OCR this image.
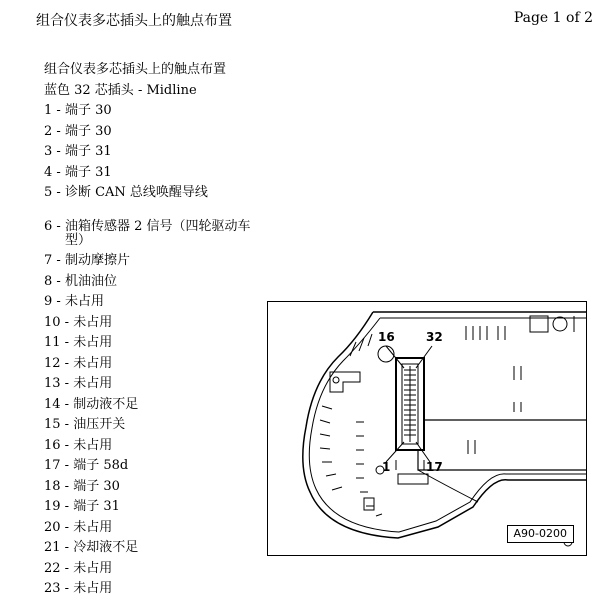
组合仪表多芯插头上的触点布置	Page 1 of 2
组合仪表多芯插头上的触点布置
蓝色 32 芯插头 - Midline
1 -
端子 30
2 -
端子 30
3 -
端子 31
4 -
端子 31
5 -
诊断 CAN 总线唤醒导线
6 -
油箱传感器 2 信号（四轮驱动车型）
7 -
制动摩擦片
8 -
机油油位
9 -
未占用
10 -
未占用
11 -
未占用
12 -
未占用
13 -
未占用
14 -
制动液不足
15 -
油压开关
16 -
未占用
17 -
端子 58d
18 -
端子 30
19 -
端子 31
20 -
未占用
21 -
冷却液不足
22 -
未占用
23 -
未占用
16	32
1	17
A90-0200
